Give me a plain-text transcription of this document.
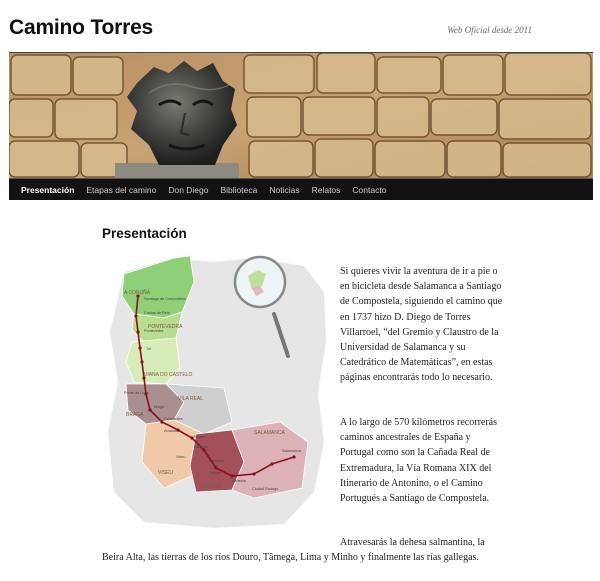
Camino Torres	Web Oficial desde 2011
Presentación	Etapas del camino	Don Diego	Biblioteca	Noticias	Relatos	Contacto
Presentación
A CORUÑA
PONTEVEDRA
VIANA DO CASTELO
BRAGA
VILA REAL
VISEU
GUARDA
SALAMANCA
Santiago de Compostela
Caldas de Reis
Pontevedra
Tui
Ponte de Lima
Braga
Guimarães
Amarante
Régua
Lamego
Viseu
Trancoso
Pinhel
Almeida
Ciudad Rodrigo
Salamanca

Si quieres vivir la aventura de ir a pie o en bicicleta desde Salamanca a Santiago de Compostela, siguiendo el camino que en 1737 hizo D. Diego de Torres Villarroel, “del Gremio y Claustro de la Universidad de Salamanca y su Catedrático de Matemáticas”, en estas páginas encontrarás todo lo necesario.

A lo largo de 570 kilómetros recorrerás caminos ancestrales de España y Portugal como son la Cañada Real de Extremadura, la Vía Romana XIX del Itinerario de Antonino, o el Camino Portugués a Santiago de Compostela.

Atravesarás la dehesa salmantina, la Beira Alta, las tierras de los ríos Douro, Tâmega, Lima y Minho y finalmente las rías gallegas.
